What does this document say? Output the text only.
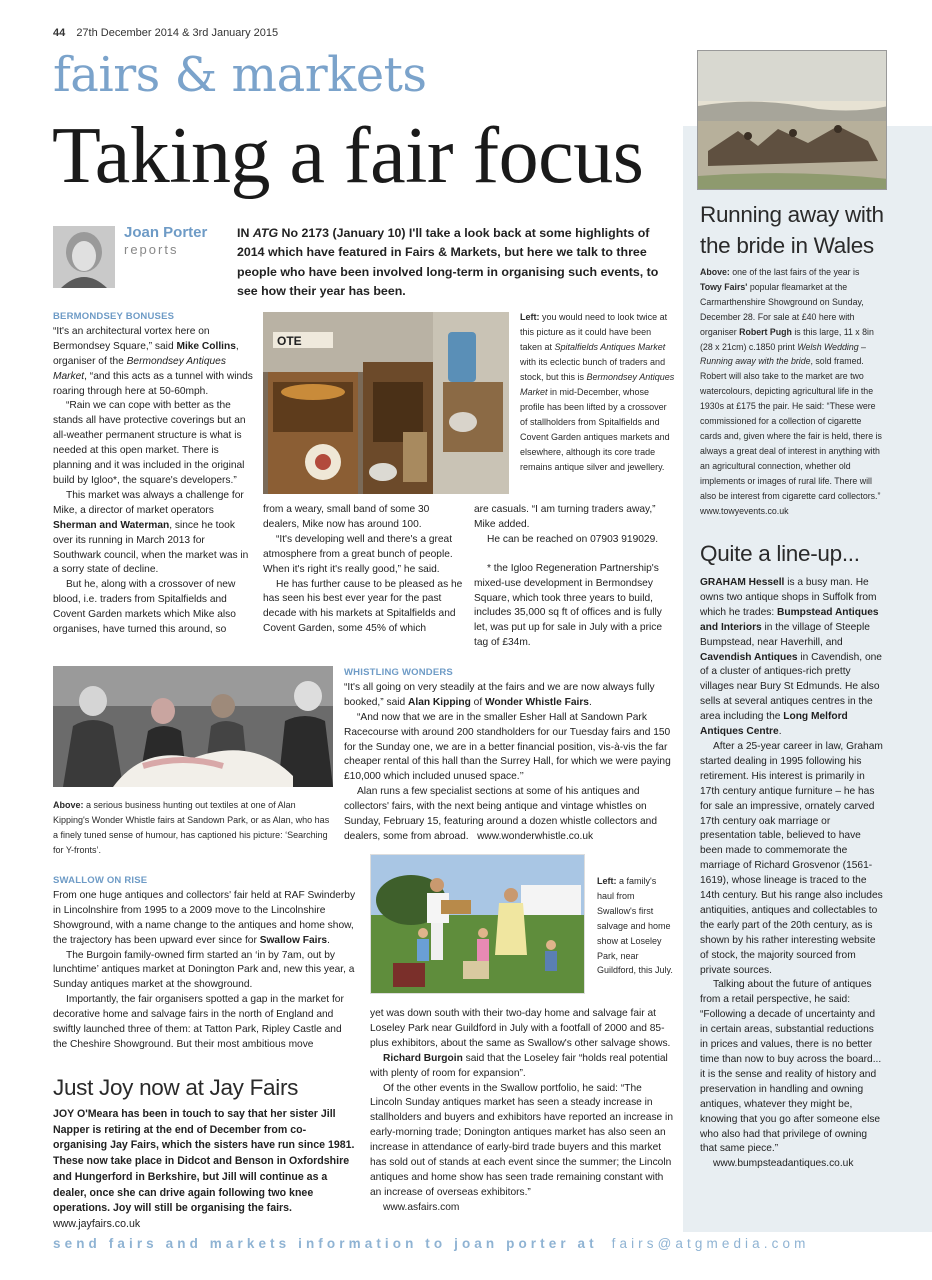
44 27th December 2014 & 3rd January 2015
fairs & markets
Taking a fair focus
Joan Porter
reports
IN ATG No 2173 (January 10) I'll take a look back at some highlights of 2014 which have featured in Fairs & Markets, but here we talk to three people who have been involved long-term in organising such events, to see how their year has been.
BERMONDSEY BONUSES

“It's an architectural vortex here on Bermondsey Square,” said Mike Collins, organiser of the Bermondsey Antiques Market, “and this acts as a tunnel with winds roaring through here at 50-60mph.

“Rain we can cope with better as the stands all have protective coverings but an all-weather permanent structure is what is needed at this open market. There is planning and it was included in the original build by Igloo*, the square's developers.”

This market was always a challenge for Mike, a director of market operators Sherman and Waterman, since he took over its running in March 2013 for Southwark council, when the market was in a sorry state of decline.

But he, along with a crossover of new blood, i.e. traders from Spitalfields and Covent Garden markets which Mike also organises, have turned this around, so

OTE
Left: you would need to look twice at this picture as it could have been taken at Spitalfields Antiques Market with its eclectic bunch of traders and stock, but this is Bermondsey Antiques Market in mid-December, whose profile has been lifted by a crossover of stallholders from Spitalfields and Covent Garden antiques markets and elsewhere, although its core trade remains antique silver and jewellery.

from a weary, small band of some 30 dealers, Mike now has around 100.

“It's developing well and there's a great atmosphere from a great bunch of people. When it's right it's really good,” he said.

He has further cause to be pleased as he has seen his best ever year for the past decade with his markets at Spitalfields and Covent Garden, some 45% of which

are casuals. “I am turning traders away,” Mike added.

He can be reached on 07903 919029.

* the Igloo Regeneration Partnership's mixed-use development in Bermondsey Square, which took three years to build, includes 35,000 sq ft of offices and is fully let, was put up for sale in July with a price tag of £34m.

Above: a serious business hunting out textiles at one of Alan Kipping's Wonder Whistle fairs at Sandown Park, or as Alan, who has a finely tuned sense of humour, has captioned his picture: ‘Searching for Y-fronts’.
WHISTLING WONDERS

“It's all going on very steadily at the fairs and we are now always fully booked,” said Alan Kipping of Wonder Whistle Fairs.

“And now that we are in the smaller Esher Hall at Sandown Park Racecourse with around 200 standholders for our Tuesday fairs and 150 for the Sunday one, we are in a better financial position, vis-à-vis the far cheaper rental of this hall than the Surrey Hall, for which we were paying £10,000 which included unused space.’’

Alan runs a few specialist sections at some of his antiques and collectors' fairs, with the next being antique and vintage whistles on Sunday, February 15, featuring around a dozen whistle collectors and dealers, some from abroad. www.wonderwhistle.co.uk

SWALLOW ON RISE

From one huge antiques and collectors' fair held at RAF Swinderby in Lincolnshire from 1995 to a 2009 move to the Lincolnshire Showground, with a name change to the antiques and home show, the trajectory has been upward ever since for Swallow Fairs.

The Burgoin family-owned firm started an ‘in by 7am, out by lunchtime’ antiques market at Donington Park and, new this year, a Sunday antiques market at the showground.

Importantly, the fair organisers spotted a gap in the market for decorative home and salvage fairs in the north of England and swiftly launched three of them: at Tatton Park, Ripley Castle and the Cheshire Showground. But their most ambitious move

Left: a family's haul from Swallow's first salvage and home show at Loseley Park, near Guildford, this July.

yet was down south with their two-day home and salvage fair at Loseley Park near Guildford in July with a footfall of 2000 and 85-plus exhibitors, about the same as Swallow's other salvage shows.

Richard Burgoin said that the Loseley fair “holds real potential with plenty of room for expansion”.

Of the other events in the Swallow portfolio, he said: “The Lincoln Sunday antiques market has seen a steady increase in stallholders and buyers and exhibitors have reported an increase in early-morning trade; Donington antiques market has also seen an increase in attendance of early-bird trade buyers and this market has sold out of stands at each event since the summer; the Lincoln antiques and home show has seen trade remaining constant with an increase of overseas exhibitors.”

www.asfairs.com

Just Joy now at Jay Fairs

JOY O'Meara has been in touch to say that her sister Jill Napper is retiring at the end of December from co-organising Jay Fairs, which the sisters have run since 1981. These now take place in Didcot and Benson in Oxfordshire and Hungerford in Berkshire, but Jill will continue as a dealer, once she can drive again following two knee operations. Joy will still be organising the fairs.

www.jayfairs.co.uk

Running away with
the bride in Wales
Above: one of the last fairs of the year is Towy Fairs' popular fleamarket at the Carmarthenshire Showground on Sunday, December 28. For sale at £40 here with organiser Robert Pugh is this large, 11 x 8in (28 x 21cm) c.1850 print Welsh Wedding – Running away with the bride, sold framed. Robert will also take to the market are two watercolours, depicting agricultural life in the 1930s at £175 the pair. He said: “These were commissioned for a collection of cigarette cards and, given where the fair is held, there is always a great deal of interest in anything with an agricultural connection, whether old implements or images of rural life. There will also be interest from cigarette card collectors.”
www.towyevents.co.uk
Quite a line-up...

GRAHAM Hessell is a busy man. He owns two antique shops in Suffolk from which he trades: Bumpstead Antiques and Interiors in the village of Steeple Bumpstead, near Haverhill, and Cavendish Antiques in Cavendish, one of a cluster of antiques-rich pretty villages near Bury St Edmunds. He also sells at several antiques centres in the area including the Long Melford Antiques Centre.

After a 25-year career in law, Graham started dealing in 1995 following his retirement. His interest is primarily in 17th century antique furniture – he has for sale an impressive, ornately carved 17th century oak marriage or presentation table, believed to have been made to commemorate the marriage of Richard Grosvenor (1561-1619), whose lineage is traced to the 14th century. But his range also includes antiquities, antiques and collectables to the early part of the 20th century, as is shown by his rather interesting website of stock, the majority sourced from private sources.

Talking about the future of antiques from a retail perspective, he said: “Following a decade of uncertainty and in certain areas, substantial reductions in prices and values, there is no better time than now to buy across the board... it is the sense and reality of history and preservation in handling and owning antiques, whatever they might be, knowing that you go after someone else who also had that privilege of owning that same piece.”

www.bumpsteadantiques.co.uk

send fairs and markets information to joan porter at fairs@atgmedia.com
